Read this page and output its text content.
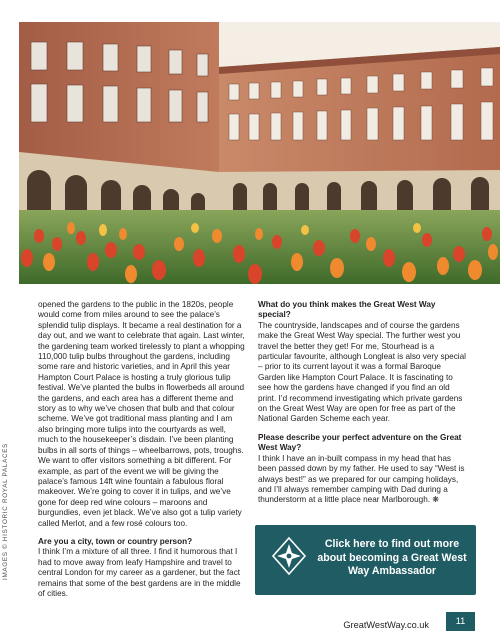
IMAGES © HISTORIC ROYAL PALACES

opened the gardens to the public in the 1820s, people would come from miles around to see the palace’s splendid tulip displays. It became a real destination for a day out, and we want to celebrate that again. Last winter, the gardening team worked tirelessly to plant a whopping 110,000 tulip bulbs throughout the gardens, including some rare and historic varieties, and in April this year Hampton Court Palace is hosting a truly glorious tulip festival. We’ve planted the bulbs in flowerbeds all around the gardens, and each area has a different theme and story as to why we’ve chosen that bulb and that colour scheme. We’ve got traditional mass planting and I am also bringing more tulips into the courtyards as well, much to the housekeeper’s disdain. I’ve been planting bulbs in all sorts of things – wheelbarrows, pots, troughs. We want to offer visitors something a bit different. For example, as part of the event we will be giving the palace’s famous 14ft wine fountain a fabulous floral makeover. We’re going to cover it in tulips, and we’ve gone for deep red wine colours – maroons and burgundies, even jet black. We’ve also got a tulip variety called Merlot, and a few rosé colours too.

Are you a city, town or country person?

I think I’m a mixture of all three. I find it humorous that I had to move away from leafy Hampshire and travel to central London for my career as a gardener, but the fact remains that some of the best gardens are in the middle of cities.

What do you think makes the Great West Way special?

The countryside, landscapes and of course the gardens make the Great West Way special. The further west you travel the better they get! For me, Stourhead is a particular favourite, although Longleat is also very special – prior to its current layout it was a formal Baroque Garden like Hampton Court Palace. It is fascinating to see how the gardens have changed if you find an old print. I’d recommend investigating which private gardens on the Great West Way are open for free as part of the National Garden Scheme each year.

Please describe your perfect adventure on the Great West Way?

I think I have an in-built compass in my head that has been passed down by my father. He used to say “West is always best!” as we prepared for our camping holidays, and I’ll always remember camping with Dad during a thunderstorm at a little place near Marlborough. ❋

Click here to find out more about becoming a Great West Way Ambassador
GreatWestWay.co.uk	11
